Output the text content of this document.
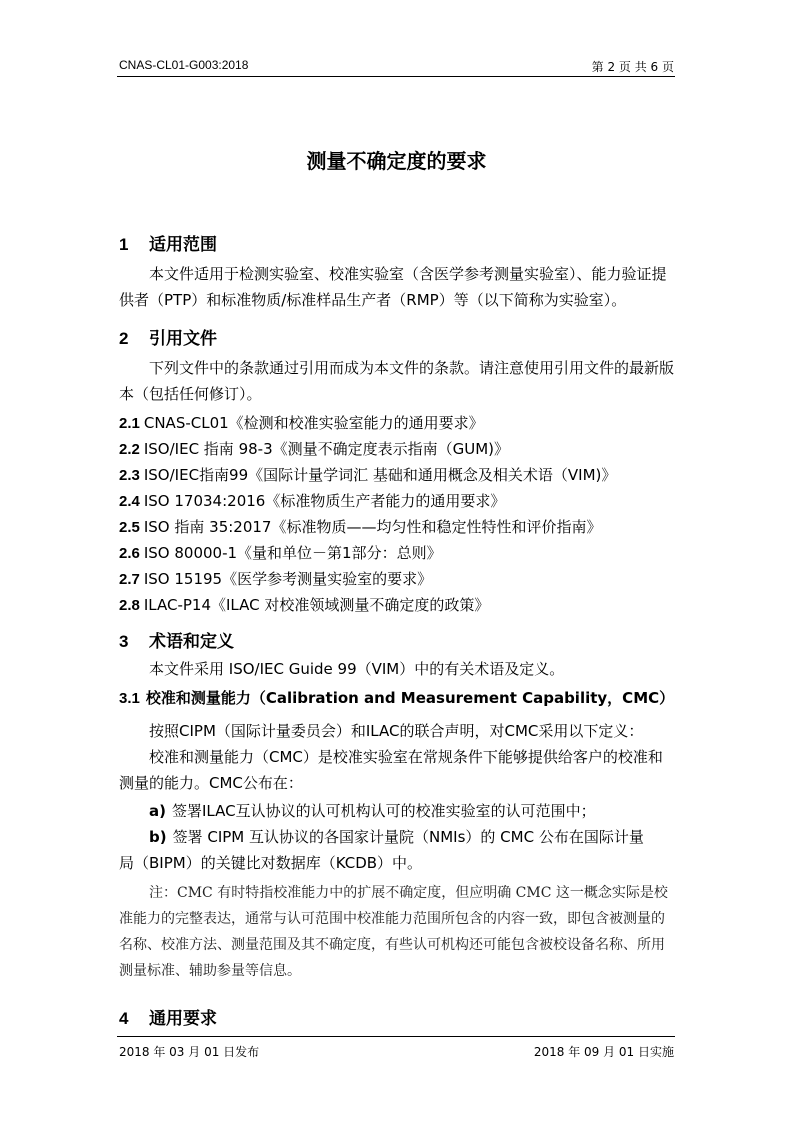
CNAS-CL01-G003:2018	第 2 页 共 6 页
测量不确定度的要求
1 适用范围
本文件适用于检测实验室、校准实验室（含医学参考测量实验室）、能力验证提供者（PTP）和标准物质/标准样品生产者（RMP）等（以下简称为实验室）。
2 引用文件
下列文件中的条款通过引用而成为本文件的条款。请注意使用引用文件的最新版本（包括任何修订）。
2.1 CNAS-CL01《检测和校准实验室能力的通用要求》
2.2 ISO/IEC 指南 98-3《测量不确定度表示指南（GUM)》
2.3 ISO/IEC指南99《国际计量学词汇 基础和通用概念及相关术语（VIM)》
2.4 ISO 17034:2016《标准物质生产者能力的通用要求》
2.5 ISO 指南 35:2017《标准物质——均匀性和稳定性特性和评价指南》
2.6 ISO 80000-1《量和单位－第1部分：总则》
2.7 ISO 15195《医学参考测量实验室的要求》
2.8 ILAC-P14《ILAC 对校准领域测量不确定度的政策》
3 术语和定义
本文件采用 ISO/IEC Guide 99（VIM）中的有关术语及定义。
3.1 校准和测量能力（Calibration and Measurement Capability，CMC）
按照CIPM（国际计量委员会）和ILAC的联合声明，对CMC采用以下定义：
校准和测量能力（CMC）是校准实验室在常规条件下能够提供给客户的校准和测量的能力。CMC公布在：
a) 签署ILAC互认协议的认可机构认可的校准实验室的认可范围中；
b) 签署 CIPM 互认协议的各国家计量院（NMIs）的 CMC 公布在国际计量
局（BIPM）的关键比对数据库（KCDB）中。
注：CMC 有时特指校准能力中的扩展不确定度，但应明确 CMC 这一概念实际是校准能力的完整表达，通常与认可范围中校准能力范围所包含的内容一致，即包含被测量的名称、校准方法、测量范围及其不确定度，有些认可机构还可能包含被校设备名称、所用测量标准、辅助参量等信息。
4 通用要求
2018 年 03 月 01 日发布	2018 年 09 月 01 日实施
